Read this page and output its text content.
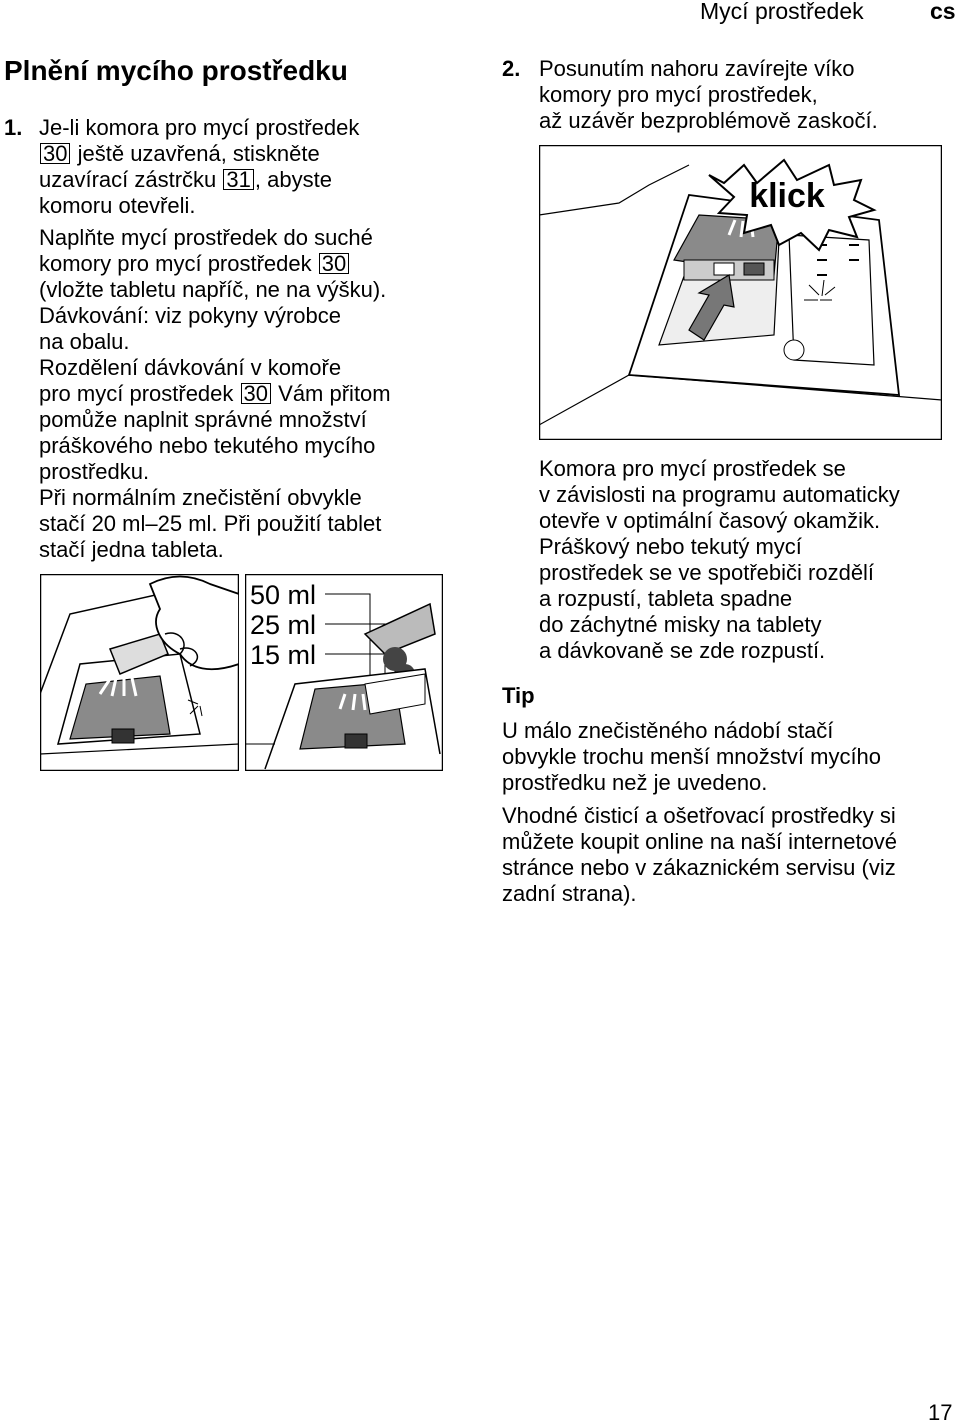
Mycí prostředek	cs
Plnění mycího prostředku
1. Je-li komora pro mycí prostředek
30 ještě uzavřená, stiskněte
uzavírací zástrčku 31 , abyste
komoru otevřeli.
Naplňte mycí prostředek do suché
komory pro mycí prostředek 30
(vložte tabletu napříč, ne na výšku).
Dávkování: viz pokyny výrobce
na obalu.
Rozdělení dávkování v komoře
pro mycí prostředek 30 Vám přitom
pomůže naplnit správné množství
práškového nebo tekutého mycího
prostředku.
Při normálním znečistění obvykle
stačí 20 ml–25 ml. Při použití tablet
stačí jedna tableta.
50 ml
25 ml
15 ml
2. Posunutím nahoru zavírejte víko
komory pro mycí prostředek,
až uzávěr bezproblémově zaskočí.
klick
Komora pro mycí prostředek se
v závislosti na programu automaticky
otevře v optimální časový okamžik.
Práškový nebo tekutý mycí
prostředek se ve spotřebiči rozdělí
a rozpustí, tableta spadne
do záchytné misky na tablety
a dávkovaně se zde rozpustí.
Tip
U málo znečistěného nádobí stačí
obvykle trochu menší množství mycího
prostředku než je uvedeno.
Vhodné čisticí a ošetřovací prostředky si
můžete koupit online na naší internetové
stránce nebo v zákaznickém servisu (viz
zadní strana).
17
